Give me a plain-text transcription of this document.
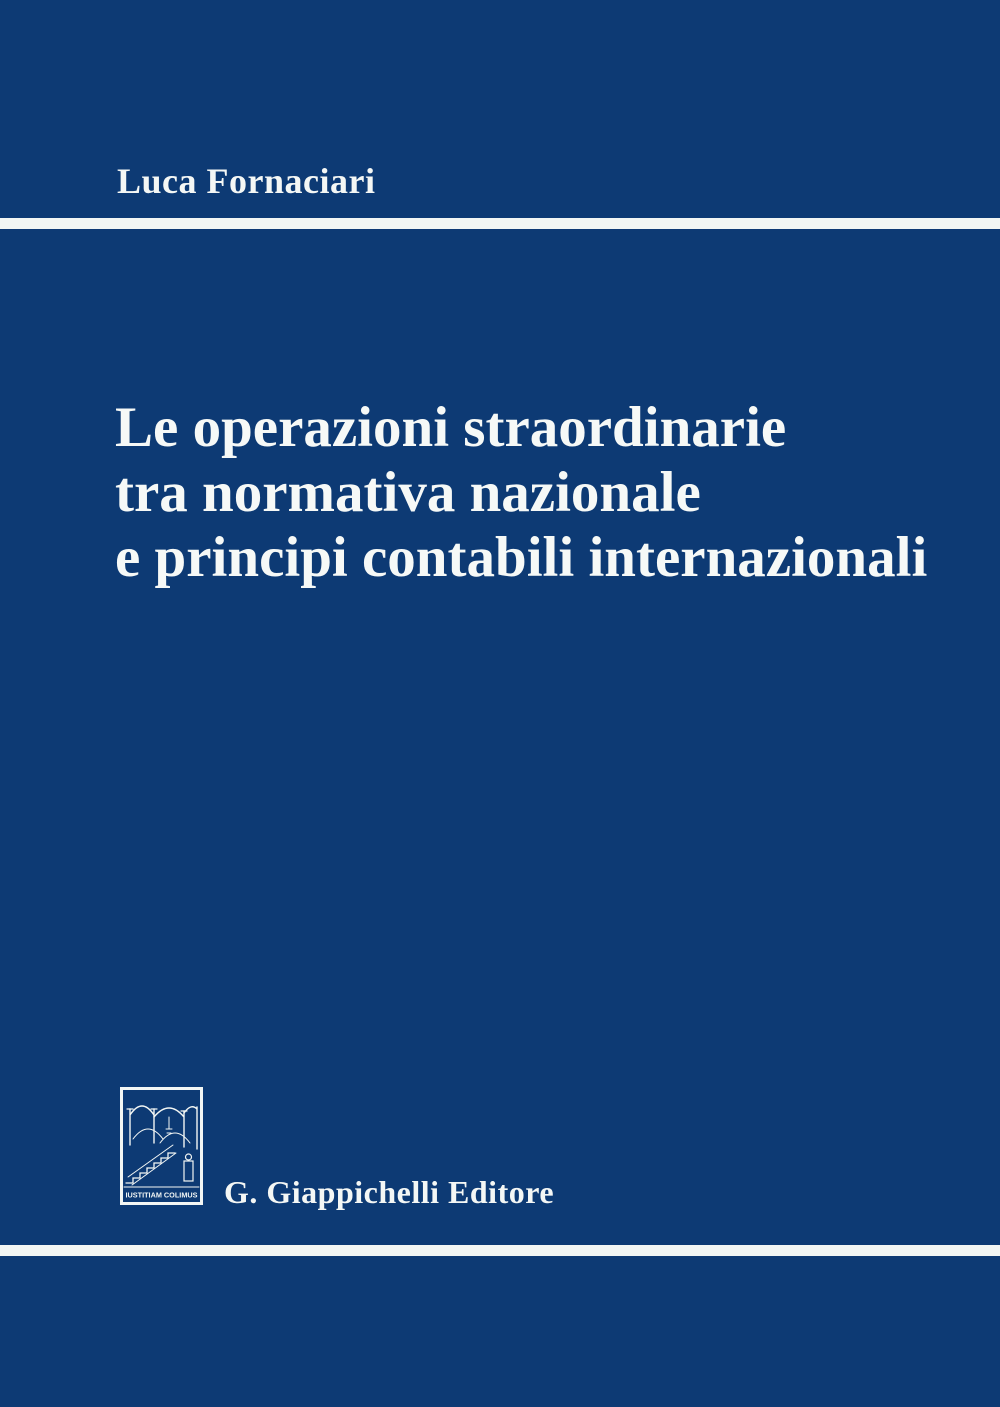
Luca Fornaciari
Le operazioni straordinarie
tra normativa nazionale
e principi contabili internazionali
IUSTITIAM COLIMUS G. Giappichelli Editore
